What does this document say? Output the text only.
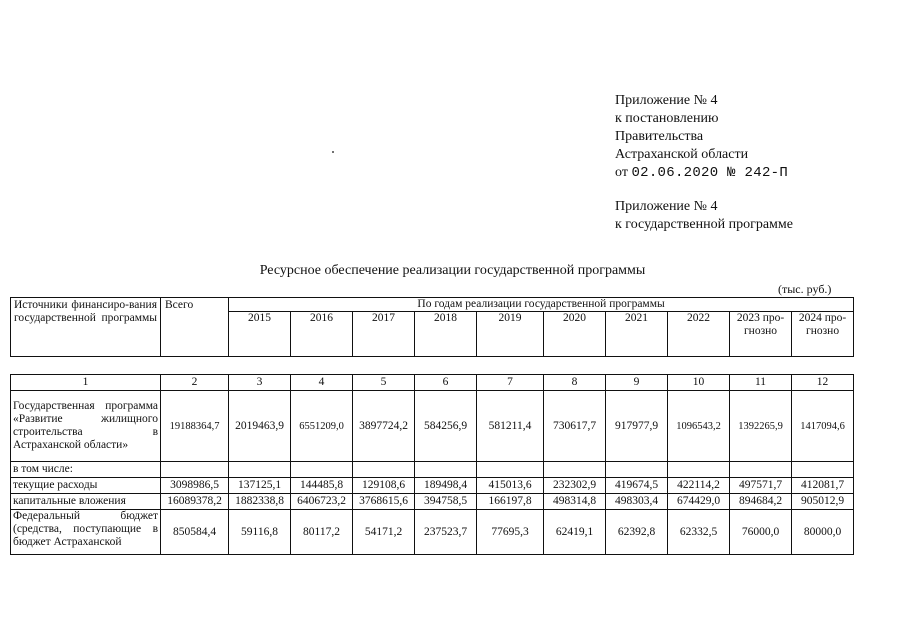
Приложение № 4
к постановлению
Правительства
Астраханской области
от 02.06.2020 № 242-П
Приложение № 4
к государственной программе
Ресурсное обеспечение реализации государственной программы
(тыс. руб.)
Источники финансиро-вания государственной программы	Всего	По годам реализации государственной программы									
		2015	2016	2017	2018	2019	2020	2021	2022	2023 про-гнозно	2024 про-гнозно
1	2	3	4	5	6	7	8	9	10	11	12
Государственная программа «Развитие жилищного строительства в Астраханской области»	19188364,7	2019463,9	6551209,0	3897724,2	584256,9	581211,4	730617,7	917977,9	1096543,2	1392265,9	1417094,6
в том числе:											
текущие расходы	3098986,5	137125,1	144485,8	129108,6	189498,4	415013,6	232302,9	419674,5	422114,2	497571,7	412081,7
капитальные вложения	16089378,2	1882338,8	6406723,2	3768615,6	394758,5	166197,8	498314,8	498303,4	674429,0	894684,2	905012,9

Федеральный бюджет (средства, поступающие в бюджет Астраханской	850584,4	59116,8	80117,2	54171,2	237523,7	77695,3	62419,1	62392,8	62332,5	76000,0	80000,0
